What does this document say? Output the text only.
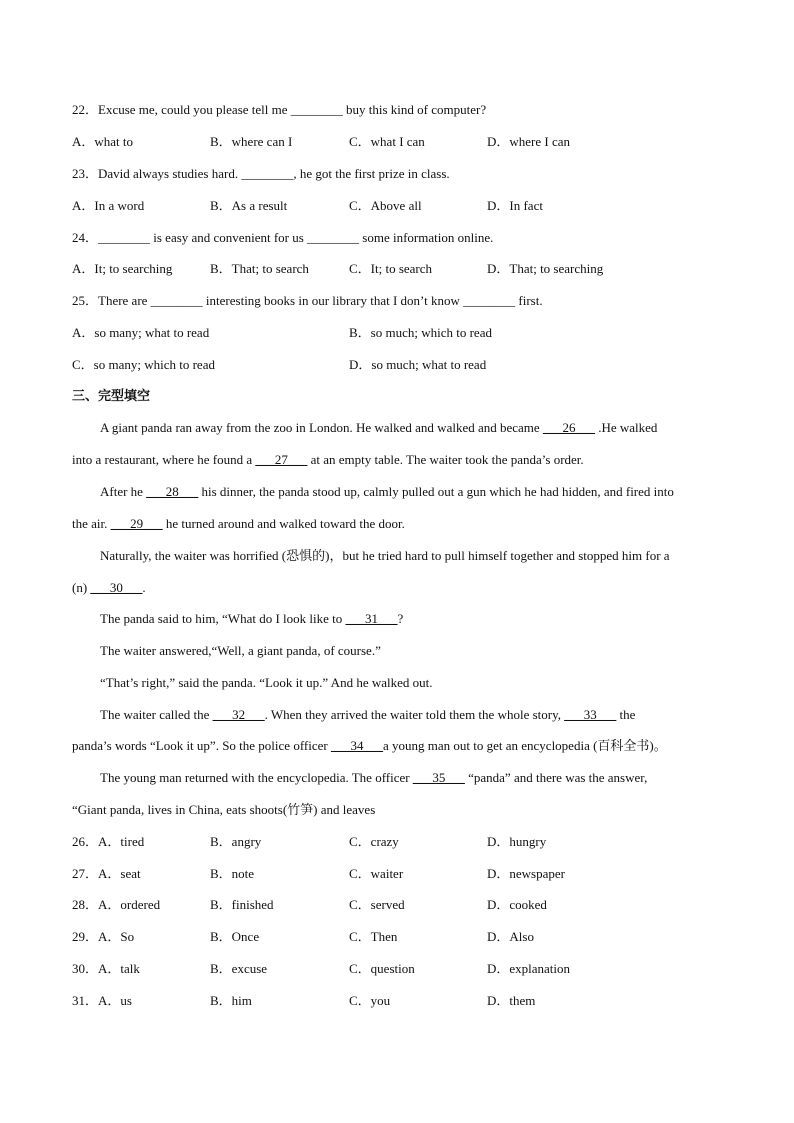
22．Excuse me, could you please tell me ________ buy this kind of computer?
A．what to	B．where can I	C．what I can	D．where I can
23．David always studies hard. ________, he got the first prize in class.
A．In a word	B．As a result	C．Above all	D．In fact
24．________ is easy and convenient for us ________ some information online.
A．It; to searching	B．That; to search	C．It; to search	D．That; to searching
25．There are ________ interesting books in our library that I don’t know ________ first.
A．so many; what to read	B．so much; which to read
C．so many; which to read	D．so much; what to read
三、完型填空
A giant panda ran away from the zoo in London. He walked and walked and became ___26___ .He walked
into a restaurant, where he found a ___27___ at an empty table. The waiter took the panda’s order.
After he ___28___ his dinner, the panda stood up, calmly pulled out a gun which he had hidden, and fired into
the air. ___29___ he turned around and walked toward the door.
Naturally, the waiter was horrified (恐惧的)，but he tried hard to pull himself together and stopped him for a
(n) ___30___.
The panda said to him, “What do I look like to ___31___?
The waiter answered,“Well, a giant panda, of course.”
“That’s right,” said the panda. “Look it up.” And he walked out.
The waiter called the ___32___. When they arrived the waiter told them the whole story, ___33___ the
panda’s words “Look it up”. So the police officer ___34___a young man out to get an encyclopedia (百科全书)。
The young man returned with the encyclopedia. The officer ___35___ “panda” and there was the answer,
“Giant panda, lives in China, eats shoots(竹笋) and leaves
26．A．tired	B．angry	C．crazy	D．hungry
27．A．seat	B．note	C．waiter	D．newspaper
28．A．ordered	B．finished	C．served	D．cooked
29．A．So	B．Once	C．Then	D．Also
30．A．talk	B．excuse	C．question	D．explanation
31．A．us	B．him	C．you	D．them
